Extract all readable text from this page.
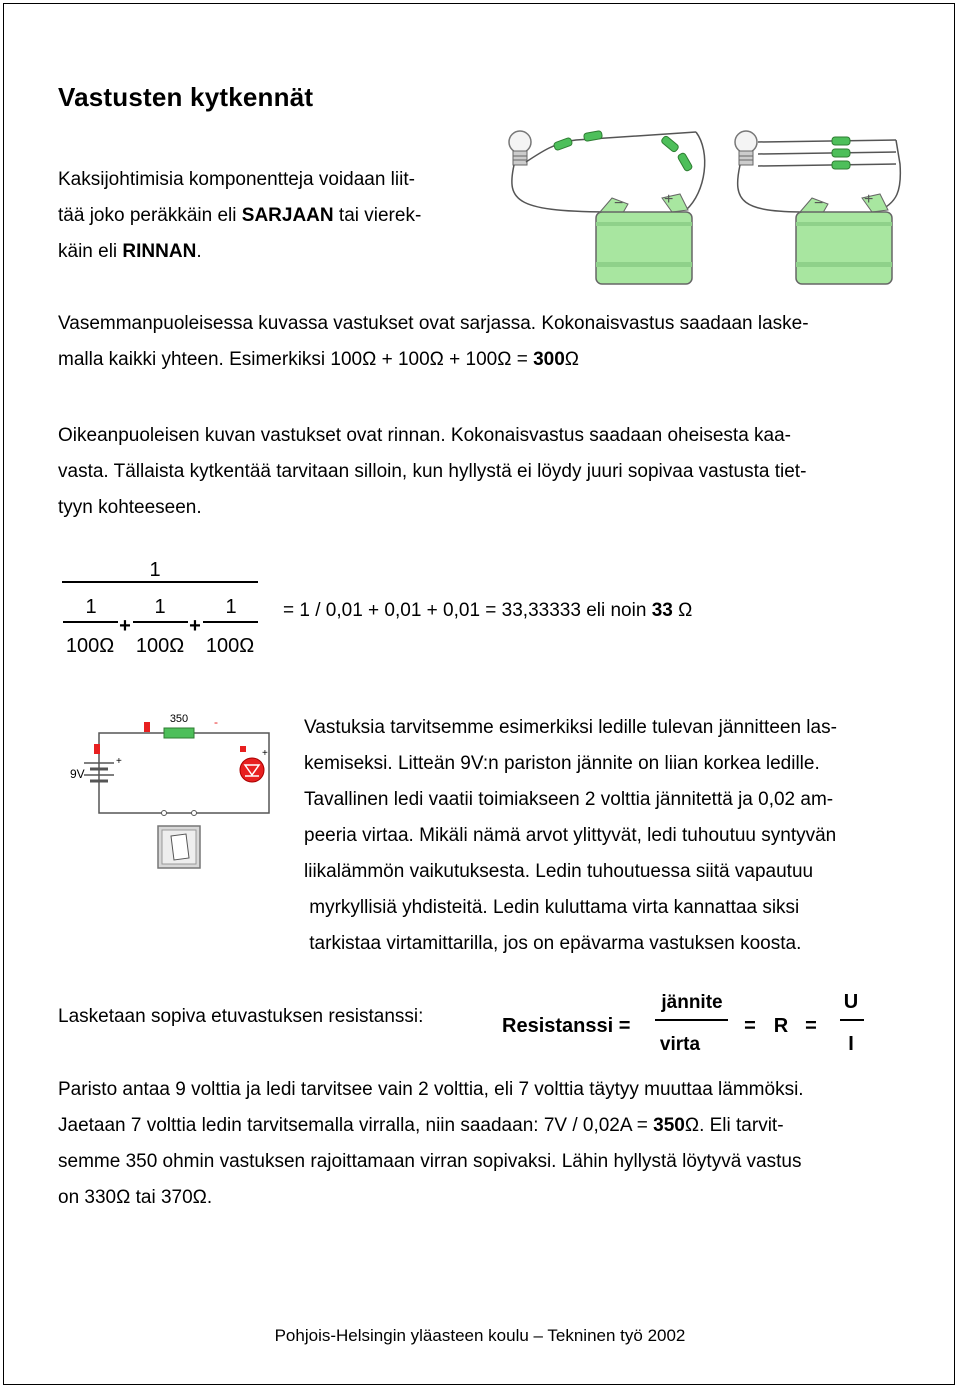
Vastusten kytkennät
Kaksijohtimisia komponentteja voidaan liit-
tää joko peräkkäin eli SARJAAN tai vierek-
käin eli RINNAN.
−	+	−	+
Vasemmanpuoleisessa kuvassa vastukset ovat sarjassa. Kokonaisvastus saadaan laske-
malla kaikki yhteen. Esimerkiksi 100Ω + 100Ω + 100Ω = 300Ω
Oikeanpuoleisen kuvan vastukset ovat rinnan. Kokonaisvastus saadaan oheisesta kaa-
vasta. Tällaista kytkentää tarvitaan silloin, kun hyllystä ei löydy juuri sopivaa vastusta tiet-
tyyn kohteeseen.
1
1
100Ω
+
1
100Ω
+
1
100Ω
= 1 / 0,01 + 0,01 + 0,01 = 33,33333 eli noin 33 Ω
350 -
+
9V
+
Vastuksia tarvitsemme esimerkiksi ledille tulevan jännitteen las-
kemiseksi. Litteän 9V:n pariston jännite on liian korkea ledille.
Tavallinen ledi vaatii toimiakseen 2 volttia jännitettä ja 0,02 am-
peeria virtaa. Mikäli nämä arvot ylittyvät, ledi tuhoutuu syntyvän
liikalämmön vaikutuksesta. Ledin tuhoutuessa siitä vapautuu
myrkyllisiä yhdisteitä. Ledin kuluttama virta kannattaa siksi
tarkistaa virtamittarilla, jos on epävarma vastuksen koosta.
Lasketaan sopiva etuvastuksen resistanssi:	Resistanssi =
jännite
virta
= R =
U
I
Paristo antaa 9 volttia ja ledi tarvitsee vain 2 volttia, eli 7 volttia täytyy muuttaa lämmöksi.
Jaetaan 7 volttia ledin tarvitsemalla virralla, niin saadaan: 7V / 0,02A = 350Ω. Eli tarvit-
semme 350 ohmin vastuksen rajoittamaan virran sopivaksi. Lähin hyllystä löytyvä vastus
on 330Ω tai 370Ω.
Pohjois-Helsingin yläasteen koulu – Tekninen työ 2002
